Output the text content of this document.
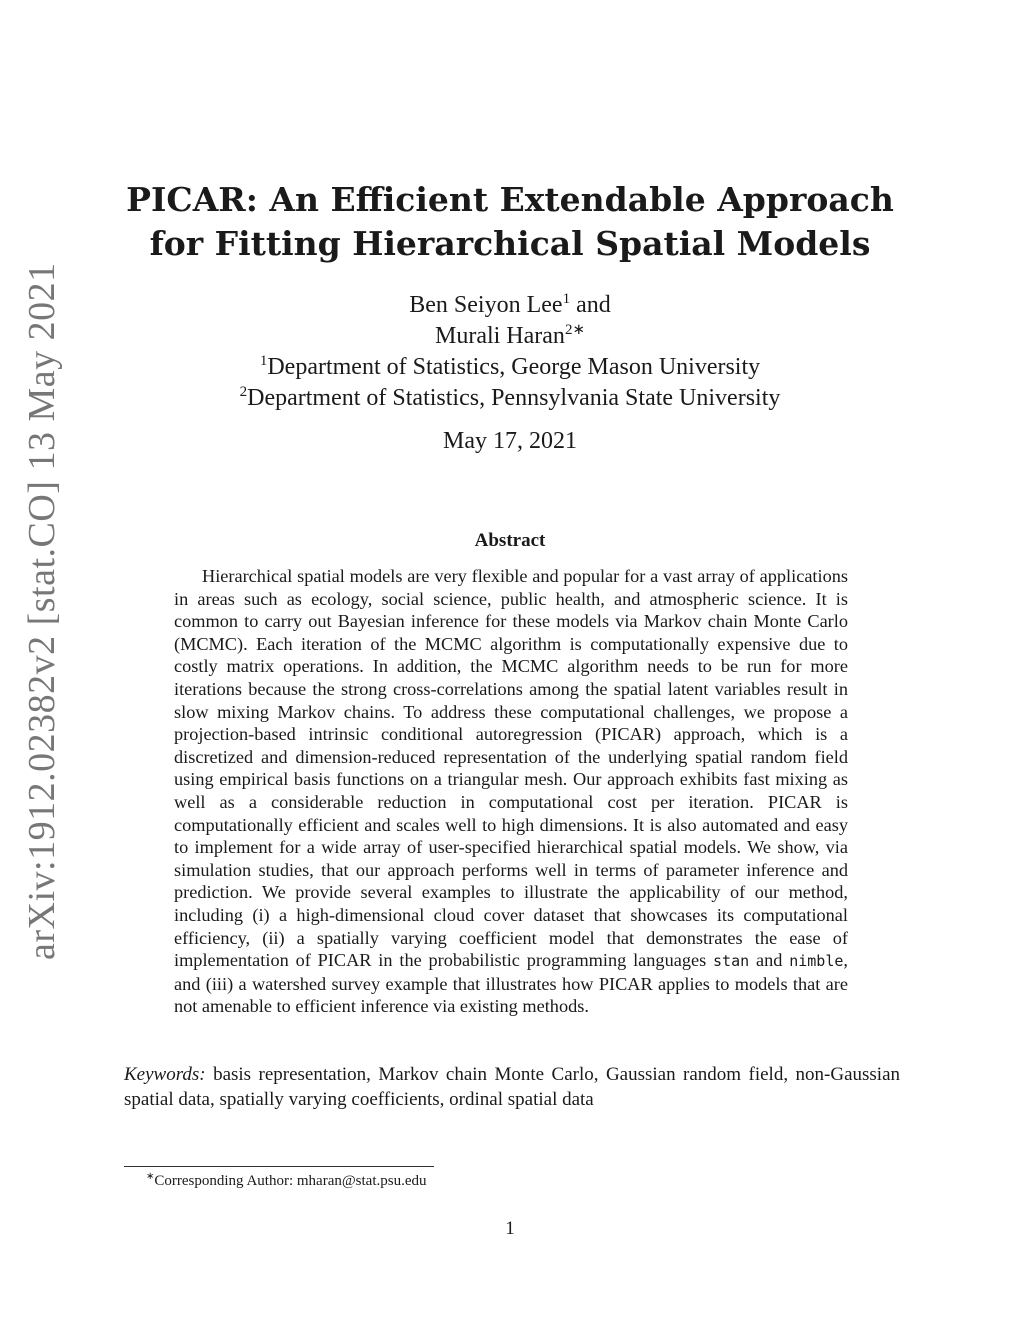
arXiv:1912.02382v2 [stat.CO] 13 May 2021
PICAR: An Efficient Extendable Approach
for Fitting Hierarchical Spatial Models
Ben Seiyon Lee$^1$ and
Murali Haran$^{2∗}$
$^1$Department of Statistics, George Mason University
$^2$Department of Statistics, Pennsylvania State University
May 17, 2021
Abstract

Hierarchical spatial models are very flexible and popular for a vast array of applications in areas such as ecology, social science, public health, and atmospheric science. It is common to carry out Bayesian inference for these models via Markov chain Monte Carlo (MCMC). Each iteration of the MCMC algorithm is computationally expensive due to costly matrix operations. In addition, the MCMC algorithm needs to be run for more iterations because the strong cross-correlations among the spatial latent variables result in slow mixing Markov chains. To address these computational challenges, we propose a projection-based intrinsic conditional autoregression (PICAR) approach, which is a discretized and dimension-reduced representation of the underlying spatial random field using empirical basis functions on a triangular mesh. Our approach exhibits fast mixing as well as a considerable reduction in computational cost per iteration. PICAR is computationally efficient and scales well to high dimensions. It is also automated and easy to implement for a wide array of user-specified hierarchical spatial models. We show, via simulation studies, that our approach performs well in terms of parameter inference and prediction. We provide several examples to illustrate the applicability of our method, including (i) a high-dimensional cloud cover dataset that showcases its computational efficiency, (ii) a spatially varying coefficient model that demonstrates the ease of implementation of PICAR in the probabilistic programming languages stan and nimble, and (iii) a watershed survey example that illustrates how PICAR applies to models that are not amenable to efficient inference via existing methods.

Keywords: basis representation, Markov chain Monte Carlo, Gaussian random field, non-Gaussian spatial data, spatially varying coefficients, ordinal spatial data

∗Corresponding Author: mharan@stat.psu.edu
1
